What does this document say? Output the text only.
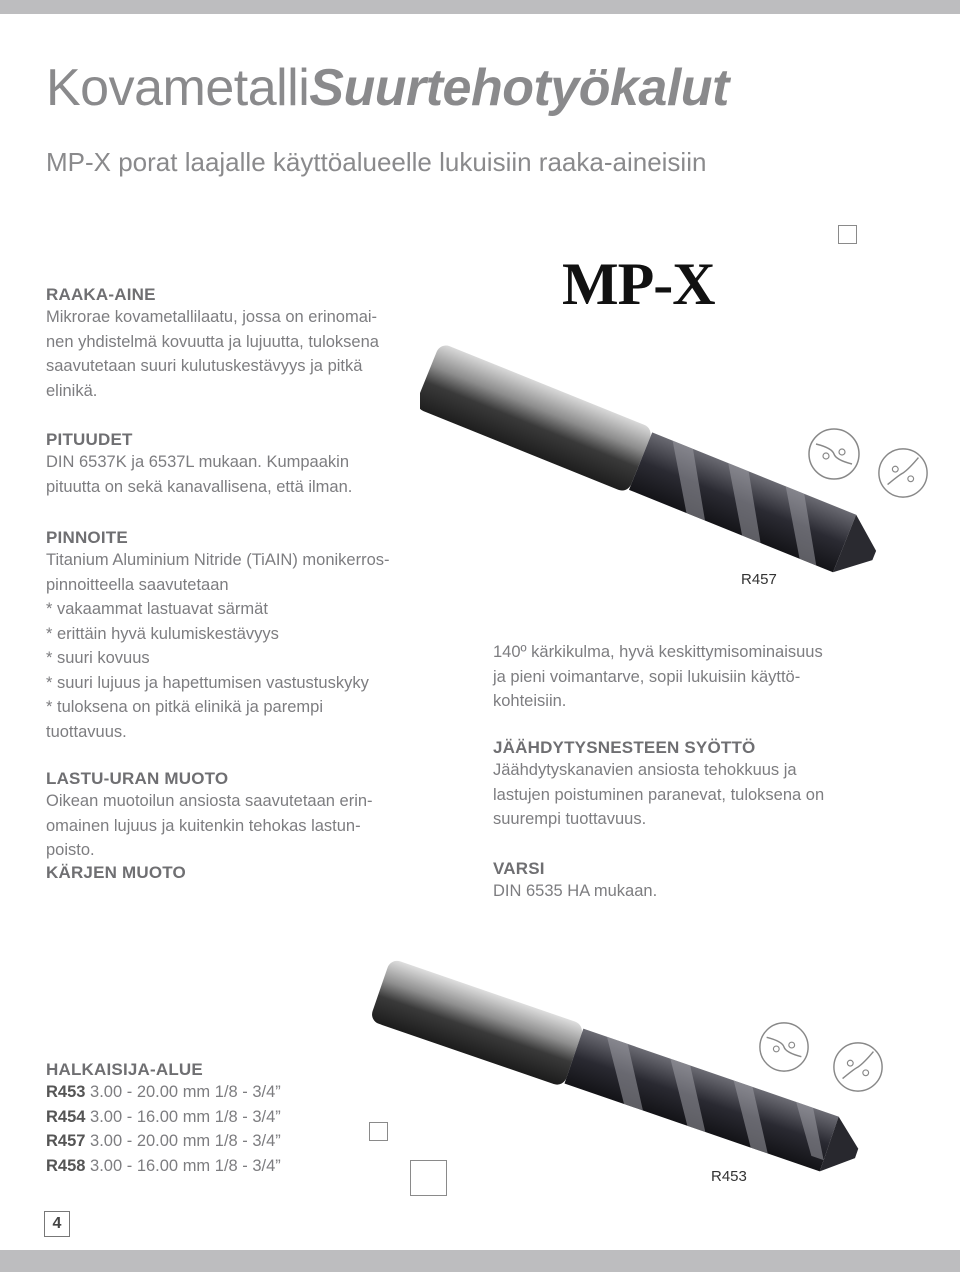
KovametalliSuurtehotyökalut
MP-X porat laajalle käyttöalueelle lukuisiin raaka-aineisiin
MP-X
R457

RAAKA-AINE

Mikrorae kovametallilaatu, jossa on erinomai-

nen yhdistelmä kovuutta ja lujuutta, tuloksena

saavutetaan suuri kulutuskestävyys ja pitkä

elinikä.

PITUUDET

DIN 6537K ja 6537L mukaan. Kumpaakin

pituutta on sekä kanavallisena, että ilman.

PINNOITE

Titanium Aluminium Nitride (TiAIN) monikerros-

pinnoitteella saavutetaan

* vakaammat lastuavat särmät

* erittäin hyvä kulumiskestävyys

* suuri kovuus

* suuri lujuus ja hapettumisen vastustuskyky

* tuloksena on pitkä elinikä ja parempi

tuottavuus.

LASTU-URAN MUOTO

Oikean muotoilun ansiosta saavutetaan erin-

omainen lujuus ja kuitenkin tehokas lastun-

poisto.

KÄRJEN MUOTO

140º kärkikulma, hyvä keskittymisominaisuus

ja pieni voimantarve, sopii lukuisiin käyttö-

kohteisiin.

JÄÄHDYTYSNESTEEN SYÖTTÖ

Jäähdytyskanavien ansiosta tehokkuus ja

lastujen poistuminen paranevat, tuloksena on

suurempi tuottavuus.

VARSI

DIN 6535 HA mukaan.

R453

HALKAISIJA-ALUE

R453 3.00 - 20.00 mm 1/8 - 3/4”
R454 3.00 - 16.00 mm 1/8 - 3/4”
R457 3.00 - 20.00 mm 1/8 - 3/4”
R458 3.00 - 16.00 mm 1/8 - 3/4”
4
